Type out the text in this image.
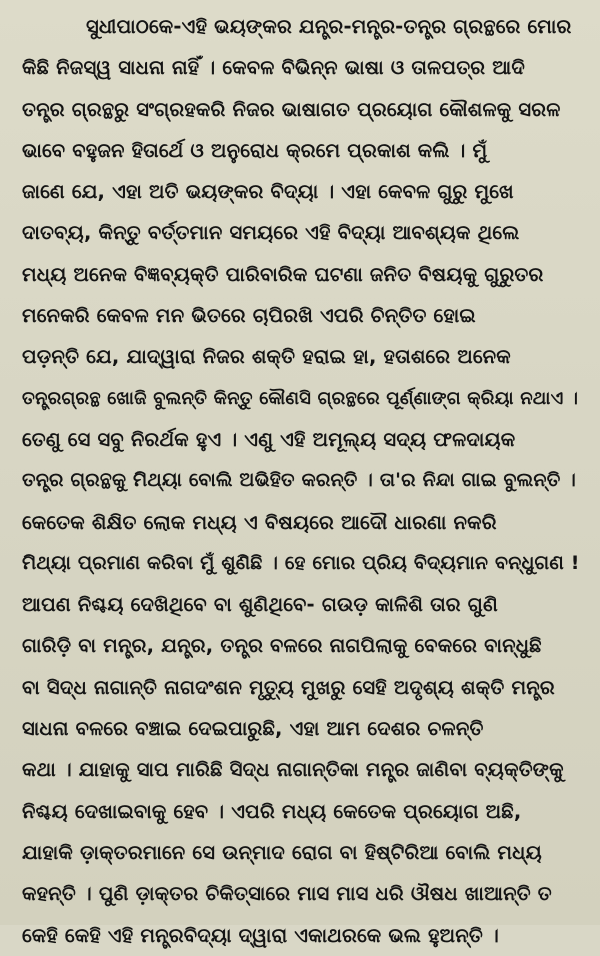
ସୁଧୀପାଠକେ-ଏହି ଭୟଙ୍କର ଯନ୍ତ୍ର-ମନ୍ତ୍ର-ତନ୍ତ୍ର ଗ୍ରନ୍ଥରେ ମୋର
କିଛି ନିଜସ୍ୱ ସାଧନା ନାହିଁ । କେବଳ ବିଭିନ୍ନ ଭାଷା ଓ ତାଳପତ୍ର ଆଦି
ତନ୍ତ୍ର ଗ୍ରନ୍ଥରୁ ସଂଗ୍ରହକରି ନିଜର ଭାଷାଗତ ପ୍ରୟୋଗ କୌଶଳକୁ ସରଳ
ଭାବେ ବହୁଜନ ହିତାର୍ଥେ ଓ ଅନୁରୋଧ କ୍ରମେ ପ୍ରକାଶ କଲି । ମୁଁ
ଜାଣେ ଯେ, ଏହା ଅତି ଭୟଙ୍କର ବିଦ୍ୟା । ଏହା କେବଳ ଗୁରୁ ମୁଖେ
ଦାତବ୍ୟ, କିନ୍ତୁ ବର୍ତ୍ତମାନ ସମୟରେ ଏହି ବିଦ୍ୟା ଆବଶ୍ୟକ ଥିଲେ
ମଧ୍ୟ ଅନେକ ବିଜ୍ଞବ୍ୟକ୍ତି ପାରିବାରିକ ଘଟଣା ଜନିତ ବିଷୟକୁ ଗୁରୁତର
ମନେକରି କେବଳ ମନ ଭିତରେ ଚାପିରଖି ଏପରି ଚିନ୍ତିତ ହୋଇ
ପଡ଼ନ୍ତି ଯେ, ଯାଦ୍ୱାରା ନିଜର ଶକ୍ତି ହରାଇ ହା, ହତାଶରେ ଅନେକ
ତନ୍ତ୍ରଗ୍ରନ୍ଥ ଖୋଜି ବୁଲନ୍ତି କିନ୍ତୁ କୌଣସି ଗ୍ରନ୍ଥରେ ପୂର୍ଣ୍ଣାଙ୍ଗ କ୍ରିୟା ନଥାଏ ।
ତେଣୁ ସେ ସବୁ ନିରର୍ଥକ ହୁଏ । ଏଣୁ ଏହି ଅମୂଲ୍ୟ ସଦ୍ୟ ଫଳଦାୟକ
ତନ୍ତ୍ର ଗ୍ରନ୍ଥକୁ ମିଥ୍ୟା ବୋଲି ଅଭିହିତ କରନ୍ତି । ତା'ର ନିନ୍ଦା ଗାଇ ବୁଲନ୍ତି ।
କେତେକ ଶିକ୍ଷିତ ଲୋକ ମଧ୍ୟ ଏ ବିଷୟରେ ଆଦୌ ଧାରଣା ନକରି
ମିଥ୍ୟା ପ୍ରମାଣ କରିବା ମୁଁ ଶୁଣିଛି । ହେ ମୋର ପ୍ରିୟ ବିଦ୍ୟମାନ ବନ୍ଧୁଗଣ !
ଆପଣ ନିଶ୍ଚୟ ଦେଖିଥିବେ ବା ଶୁଣିଥିବେ- ଗଉଡ଼ କାଳିଶି ତାର ଗୁଣି
ଗାରିଡ଼ି ବା ମନ୍ତ୍ର, ଯନ୍ତ୍ର, ତନ୍ତ୍ର ବଳରେ ନାଗପିଲାକୁ ବେକରେ ବାନ୍ଧୁଛି
ବା ସିଦ୍ଧ ନାଗାନ୍ତି ନାଗଦଂଶନ ମୃତ୍ୟୁ ମୁଖରୁ ସେହି ଅଦୃଶ୍ୟ ଶକ୍ତି ମନ୍ତ୍ର
ସାଧନା ବଳରେ ବଞ୍ଚାଇ ଦେଇପାରୁଛି, ଏହା ଆମ ଦେଶର ଚଳନ୍ତି
କଥା । ଯାହାକୁ ସାପ ମାରିଛି ସିଦ୍ଧ ନାଗାନ୍ତିକା ମନ୍ତ୍ର ଜାଣିବା ବ୍ୟକ୍ତିଙ୍କୁ
ନିଶ୍ଚୟ ଦେଖାଇବାକୁ ହେବ । ଏପରି ମଧ୍ୟ କେତେକ ପ୍ରୟୋଗ ଅଛି,
ଯାହାକି ଡ଼ାକ୍ତରମାନେ ସେ ଉନ୍ମାଦ ରୋଗ ବା ହିଷ୍ଟିରିଆ ବୋଲି ମଧ୍ୟ
କହନ୍ତି । ପୁଣି ଡ଼ାକ୍ତର ଚିକିତ୍ସାରେ ମାସ ମାସ ଧରି ଔଷଧ ଖାଆନ୍ତି ତ
କେହି କେହି ଏହି ମନ୍ତ୍ରବିଦ୍ୟା ଦ୍ୱାରା ଏକାଥରକେ ଭଲ ହୁଅନ୍ତି ।
